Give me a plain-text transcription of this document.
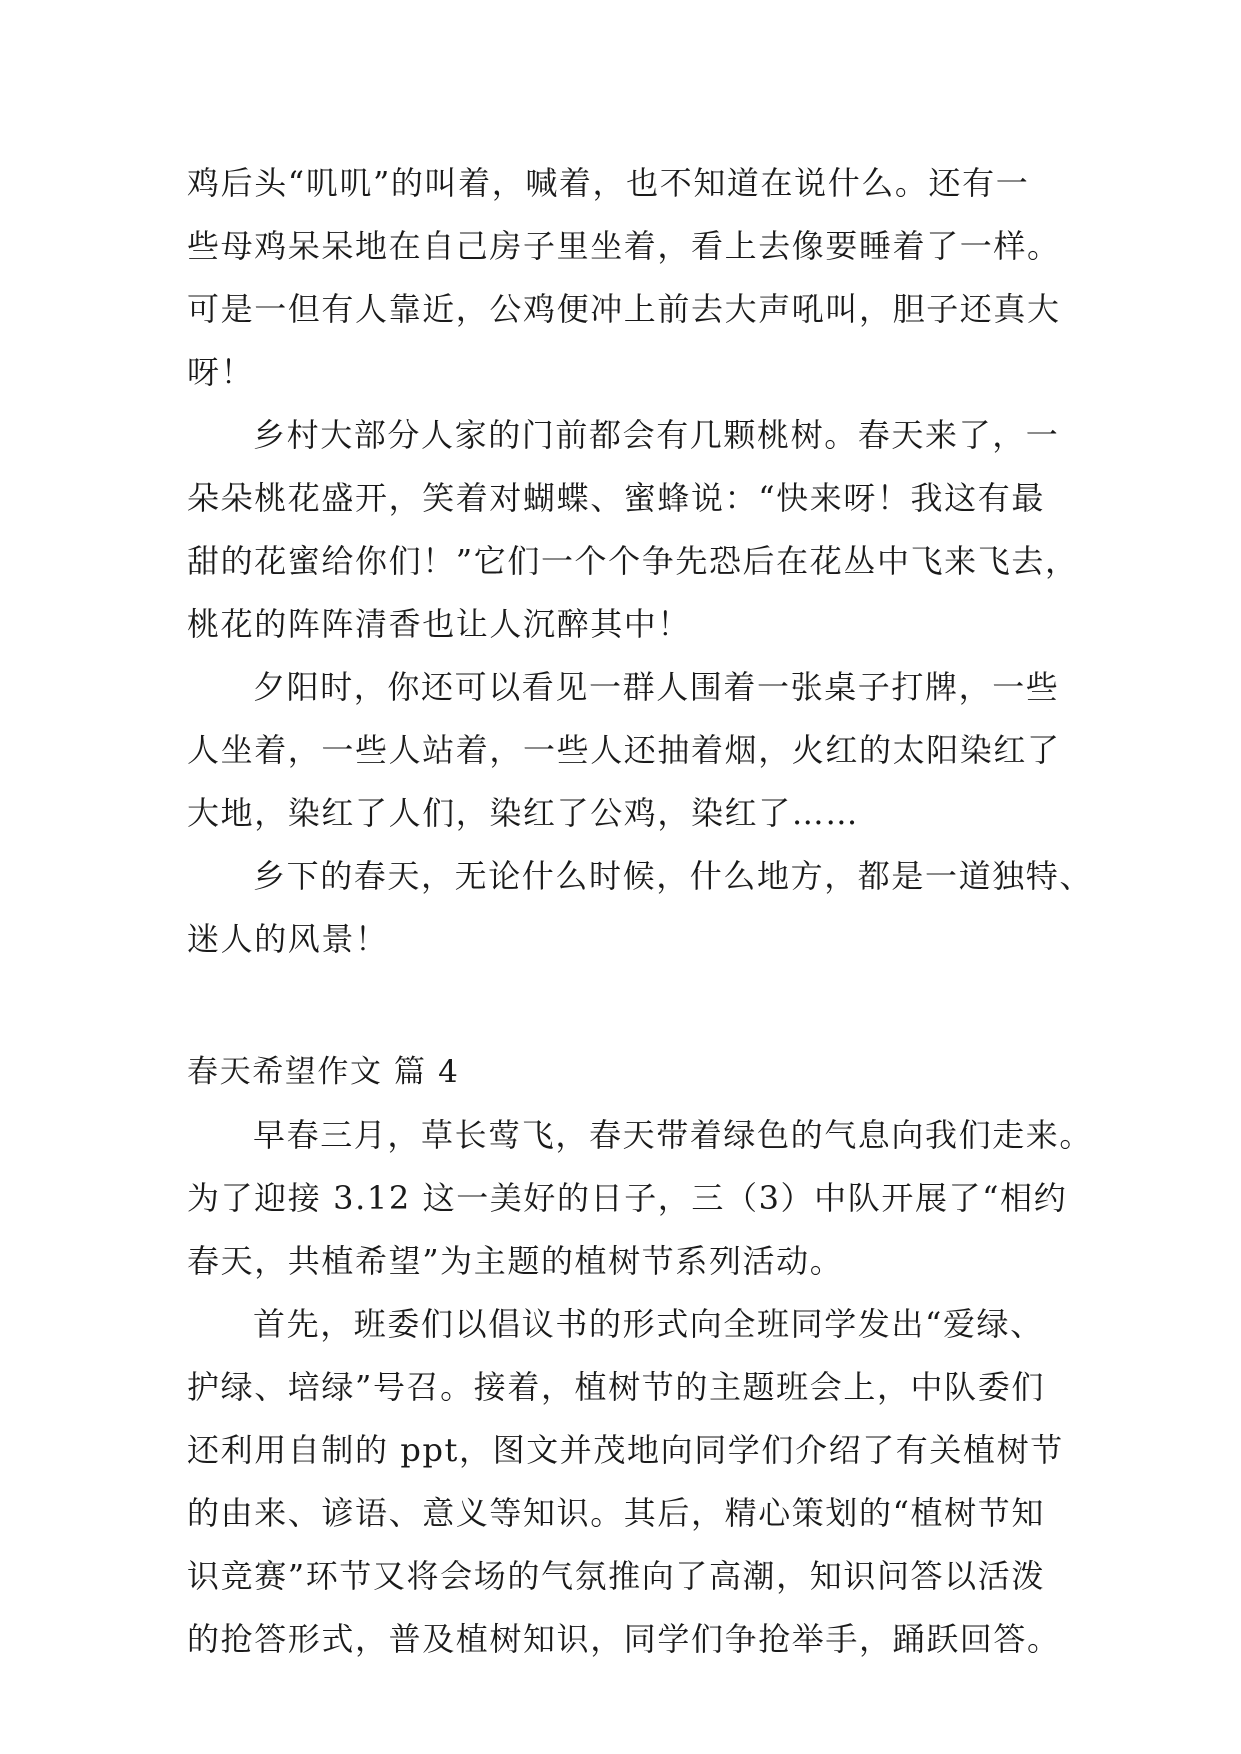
鸡后头“叽叽”的叫着，喊着，也不知道在说什么。还有一
些母鸡呆呆地在自己房子里坐着，看上去像要睡着了一样。
可是一但有人靠近，公鸡便冲上前去大声吼叫，胆子还真大
呀！
乡村大部分人家的门前都会有几颗桃树。春天来了，一
朵朵桃花盛开，笑着对蝴蝶、蜜蜂说：“快来呀！我这有最
甜的花蜜给你们！”它们一个个争先恐后在花丛中飞来飞去，
桃花的阵阵清香也让人沉醉其中！
夕阳时，你还可以看见一群人围着一张桌子打牌，一些
人坐着，一些人站着，一些人还抽着烟，火红的太阳染红了
大地，染红了人们，染红了公鸡，染红了……
乡下的春天，无论什么时候，什么地方，都是一道独特、
迷人的风景！
春天希望作文 篇 4
早春三月，草长莺飞，春天带着绿色的气息向我们走来。
为了迎接 3.12 这一美好的日子，三（3）中队开展了“相约
春天，共植希望”为主题的植树节系列活动。
首先，班委们以倡议书的形式向全班同学发出“爱绿、
护绿、培绿”号召。接着，植树节的主题班会上，中队委们
还利用自制的 ppt，图文并茂地向同学们介绍了有关植树节
的由来、谚语、意义等知识。其后，精心策划的“植树节知
识竞赛”环节又将会场的气氛推向了高潮，知识问答以活泼
的抢答形式，普及植树知识，同学们争抢举手，踊跃回答。
